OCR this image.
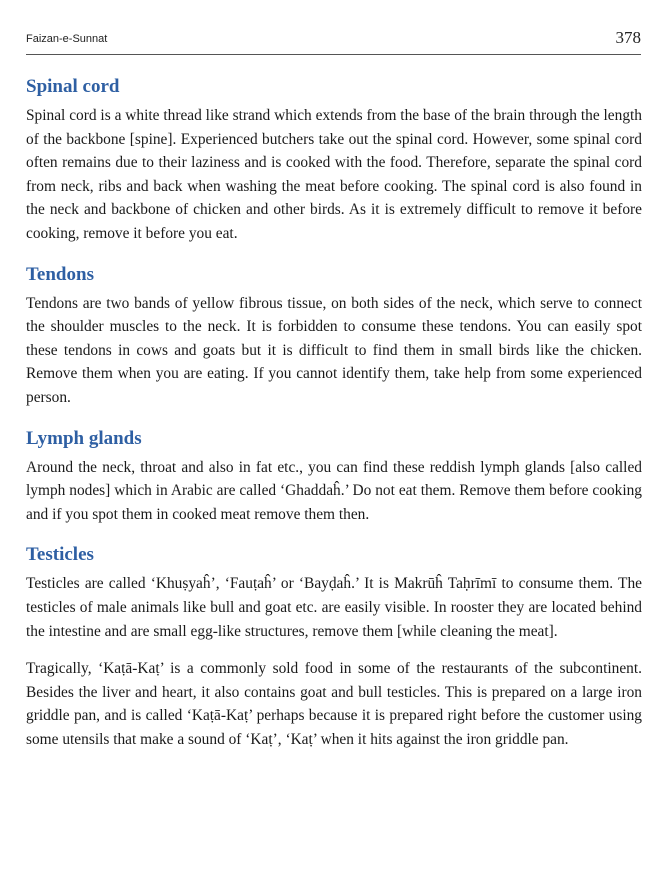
Faizan-e-Sunnat	378
Spinal cord

Spinal cord is a white thread like strand which extends from the base of the brain through the length of the backbone [spine]. Experienced butchers take out the spinal cord. However, some spinal cord often remains due to their laziness and is cooked with the food. Therefore, separate the spinal cord from neck, ribs and back when washing the meat before cooking. The spinal cord is also found in the neck and backbone of chicken and other birds. As it is extremely difficult to remove it before cooking, remove it before you eat.

Tendons

Tendons are two bands of yellow fibrous tissue, on both sides of the neck, which serve to connect the shoulder muscles to the neck. It is forbidden to consume these tendons. You can easily spot these tendons in cows and goats but it is difficult to find them in small birds like the chicken. Remove them when you are eating. If you cannot identify them, take help from some experienced person.

Lymph glands

Around the neck, throat and also in fat etc., you can find these reddish lymph glands [also called lymph nodes] which in Arabic are called ‘Ghaddaĥ.’ Do not eat them. Remove them before cooking and if you spot them in cooked meat remove them then.

Testicles

Testicles are called ‘Khuṣyaĥ’, ‘Fauṭaĥ’ or ‘Bayḍaĥ.’ It is Makrūĥ Taḥrīmī to consume them. The testicles of male animals like bull and goat etc. are easily visible. In rooster they are located behind the intestine and are small egg-like structures, remove them [while cleaning the meat].

Tragically, ‘Kaṭā-Kaṭ’ is a commonly sold food in some of the restaurants of the subcontinent. Besides the liver and heart, it also contains goat and bull testicles. This is prepared on a large iron griddle pan, and is called ‘Kaṭā-Kaṭ’ perhaps because it is prepared right before the customer using some utensils that make a sound of ‘Kaṭ’, ‘Kaṭ’ when it hits against the iron griddle pan.
